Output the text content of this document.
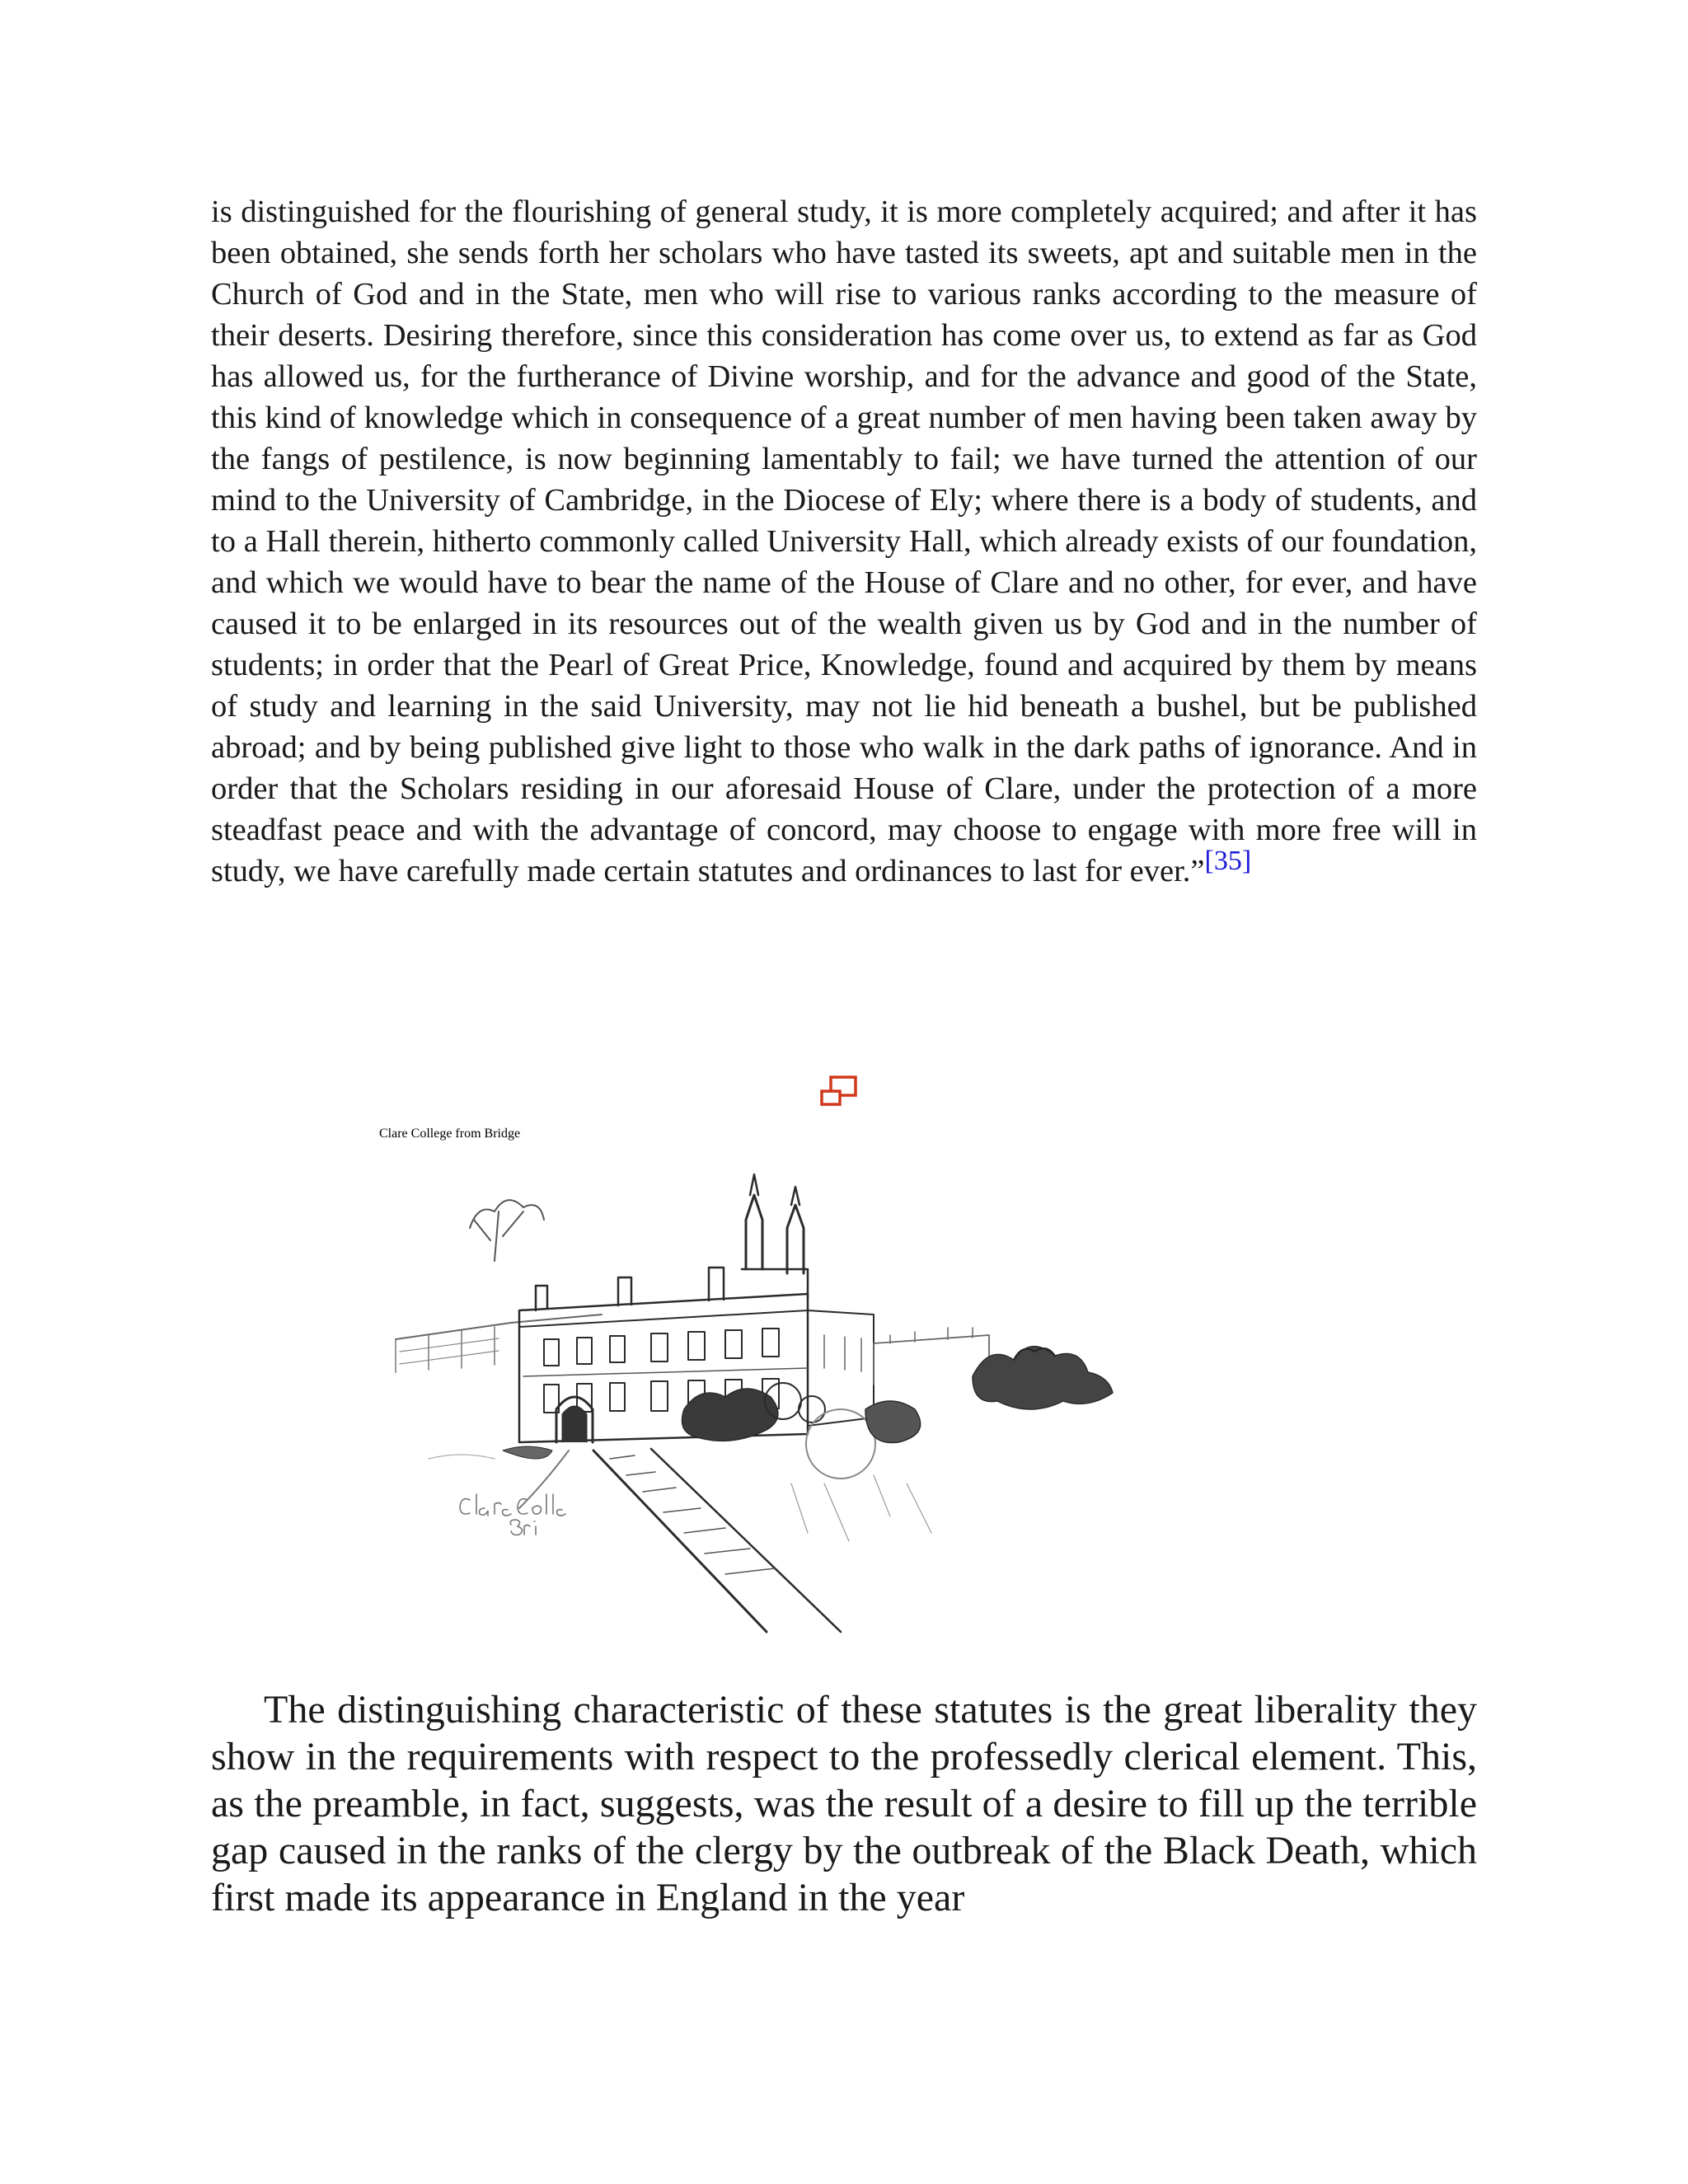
is distinguished for the flourishing of general study, it is more completely acquired; and after it has been obtained, she sends forth her scholars who have tasted its sweets, apt and suitable men in the Church of God and in the State, men who will rise to various ranks according to the measure of their deserts. Desiring therefore, since this consideration has come over us, to extend as far as God has allowed us, for the furtherance of Divine worship, and for the advance and good of the State, this kind of knowledge which in consequence of a great number of men having been taken away by the fangs of pestilence, is now beginning lamentably to fail; we have turned the attention of our mind to the University of Cambridge, in the Diocese of Ely; where there is a body of students, and to a Hall therein, hitherto commonly called University Hall, which already exists of our foundation, and which we would have to bear the name of the House of Clare and no other, for ever, and have caused it to be enlarged in its resources out of the wealth given us by God and in the number of students; in order that the Pearl of Great Price, Knowledge, found and acquired by them by means of study and learning in the said University, may not lie hid beneath a bushel, but be published abroad; and by being published give light to those who walk in the dark paths of ignorance. And in order that the Scholars residing in our aforesaid House of Clare, under the protection of a more steadfast peace and with the advantage of concord, may choose to engage with more free will in study, we have carefully made certain statutes and ordinances to last for ever.”[35]

Clare College from Bridge

The distinguishing characteristic of these statutes is the great liberality they show in the requirements with respect to the professedly clerical element. This, as the preamble, in fact, suggests, was the result of a desire to fill up the terrible gap caused in the ranks of the clergy by the outbreak of the Black Death, which first made its appearance in England in the year
